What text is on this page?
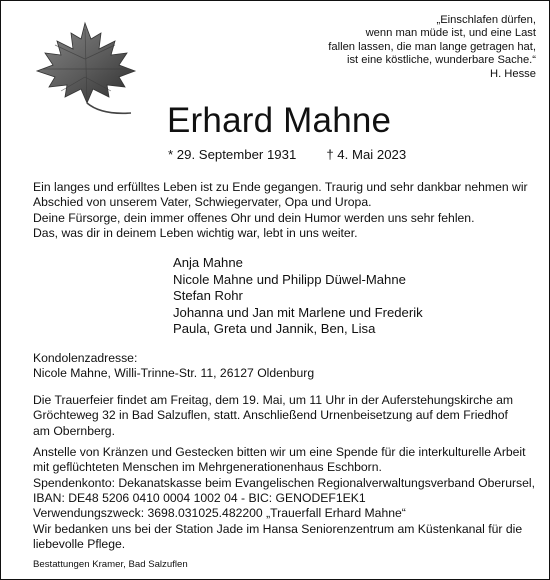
„Einschlafen dürfen,
wenn man müde ist, und eine Last
fallen lassen, die man lange getragen hat,
ist eine köstliche, wunderbare Sache.“
H. Hesse
Erhard Mahne
* 29. September 1931 † 4. Mai 2023
Ein langes und erfülltes Leben ist zu Ende gegangen. Traurig und sehr dankbar nehmen wir
Abschied von unserem Vater, Schwiegervater, Opa und Uropa.
Deine Fürsorge, dein immer offenes Ohr und dein Humor werden uns sehr fehlen.
Das, was dir in deinem Leben wichtig war, lebt in uns weiter.
Anja Mahne
Nicole Mahne und Philipp Düwel-Mahne
Stefan Rohr
Johanna und Jan mit Marlene und Frederik
Paula, Greta und Jannik, Ben, Lisa
Kondolenzadresse:
Nicole Mahne, Willi-Trinne-Str. 11, 26127 Oldenburg
Die Trauerfeier findet am Freitag, dem 19. Mai, um 11 Uhr in der Auferstehungskirche am
Gröchteweg 32 in Bad Salzuflen, statt. Anschließend Urnenbeisetzung auf dem Friedhof
am Obernberg.
Anstelle von Kränzen und Gestecken bitten wir um eine Spende für die interkulturelle Arbeit
mit geflüchteten Menschen im Mehrgenerationenhaus Eschborn.
Spendenkonto: Dekanatskasse beim Evangelischen Regionalverwaltungsverband Oberursel,
IBAN: DE48 5206 0410 0004 1002 04 - BIC: GENODEF1EK1
Verwendungszweck: 3698.031025.482200 „Trauerfall Erhard Mahne“
Wir bedanken uns bei der Station Jade im Hansa Seniorenzentrum am Küstenkanal für die
liebevolle Pflege.
Bestattungen Kramer, Bad Salzuflen
